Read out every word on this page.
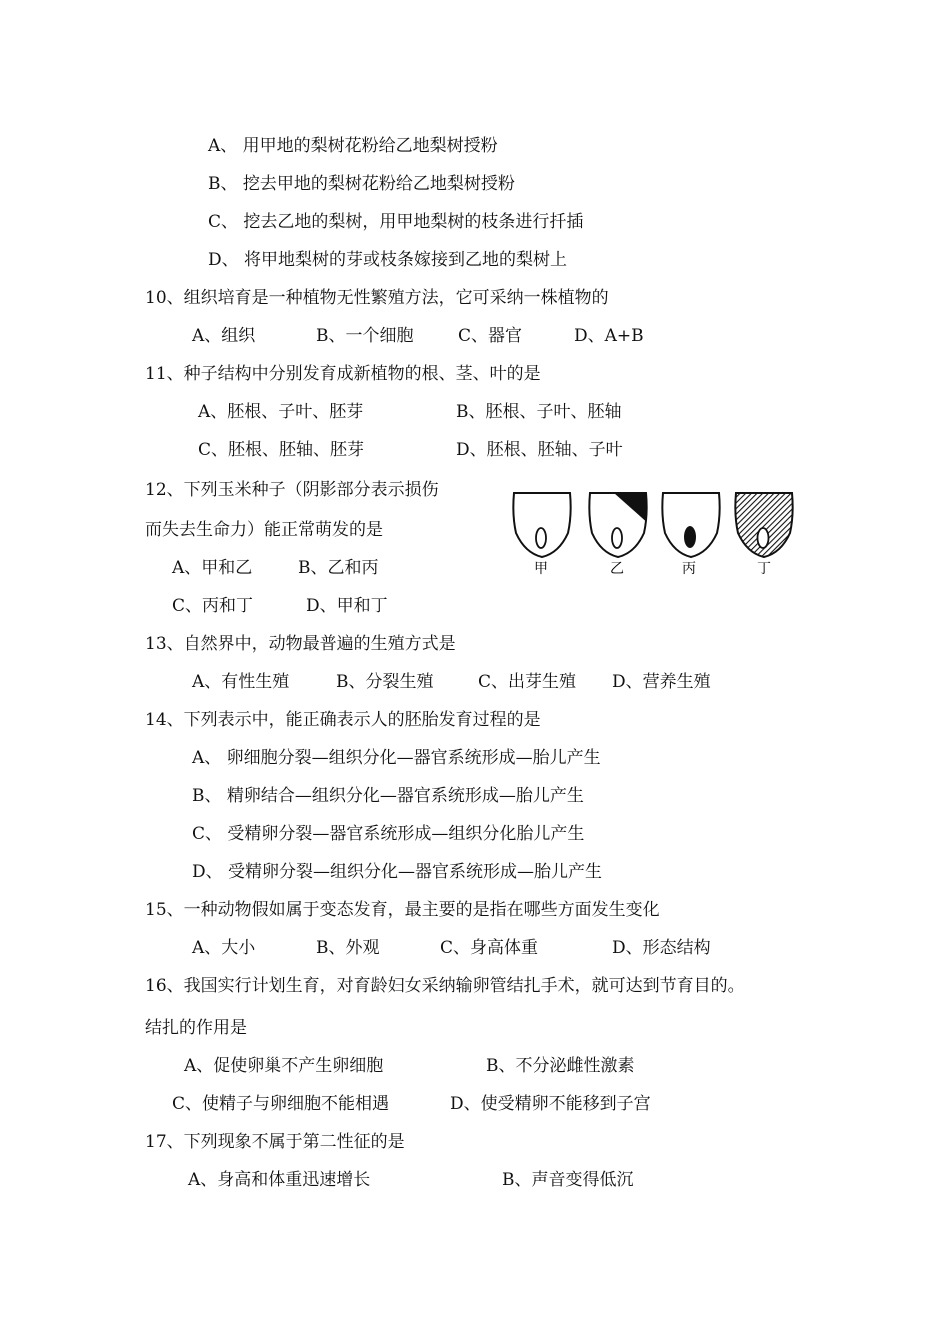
A、 用甲地的梨树花粉给乙地梨树授粉
B、 挖去甲地的梨树花粉给乙地梨树授粉
C、 挖去乙地的梨树，用甲地梨树的枝条进行扦插
D、 将甲地梨树的芽或枝条嫁接到乙地的梨树上
10、组织培育是一种植物无性繁殖方法，它可采纳一株植物的
A、组织	B、一个细胞	C、器官	D、A+B
11、种子结构中分别发育成新植物的根、茎、叶的是
A、胚根、子叶、胚芽	B、胚根、子叶、胚轴
C、胚根、胚轴、胚芽	D、胚根、胚轴、子叶
12、下列玉米种子（阴影部分表示损伤
而失去生命力）能正常萌发的是
A、甲和乙	B、乙和丙
C、丙和丁	D、甲和丁
甲	乙	丙	丁
13、自然界中，动物最普遍的生殖方式是
A、有性生殖	B、分裂生殖	C、出芽生殖 D、营养生殖
14、下列表示中，能正确表示人的胚胎发育过程的是
A、 卵细胞分裂—组织分化—器官系统形成—胎儿产生
B、 精卵结合—组织分化—器官系统形成—胎儿产生
C、 受精卵分裂—器官系统形成—组织分化胎儿产生
D、 受精卵分裂—组织分化—器官系统形成—胎儿产生
15、一种动物假如属于变态发育，最主要的是指在哪些方面发生变化
A、大小	B、外观	C、身高体重	D、形态结构
16、我国实行计划生育，对育龄妇女采纳输卵管结扎手术，就可达到节育目的。
结扎的作用是
A、促使卵巢不产生卵细胞	B、不分泌雌性激素
C、使精子与卵细胞不能相遇	D、使受精卵不能移到子宫
17、下列现象不属于第二性征的是
A、身高和体重迅速增长	B、声音变得低沉
